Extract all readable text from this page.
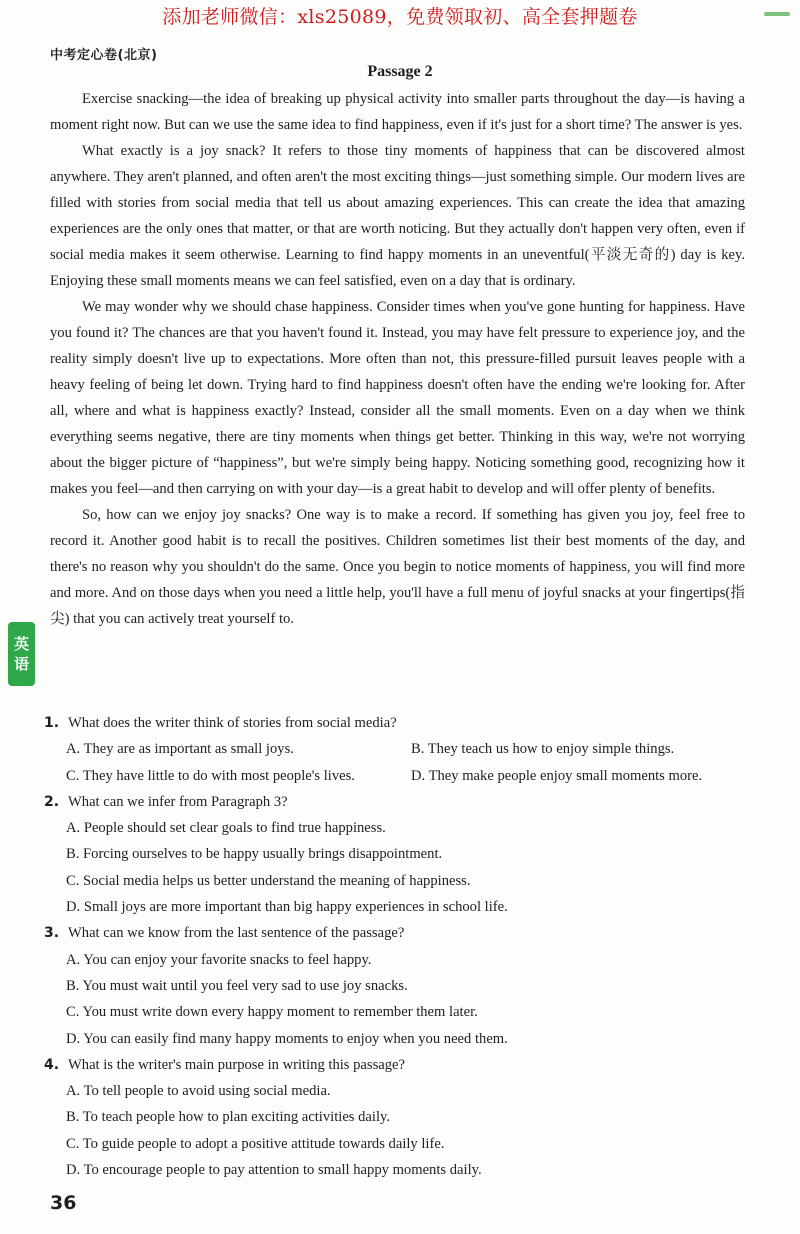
添加老师微信：xls25089，免费领取初、高全套押题卷
中考定心卷(北京)
Passage 2

Exercise snacking—the idea of breaking up physical activity into smaller parts throughout the day—is having a moment right now. But can we use the same idea to find happiness, even if it's just for a short time? The answer is yes.

What exactly is a joy snack? It refers to those tiny moments of happiness that can be discovered almost anywhere. They aren't planned, and often aren't the most exciting things—just something simple. Our modern lives are filled with stories from social media that tell us about amazing experiences. This can create the idea that amazing experiences are the only ones that matter, or that are worth noticing. But they actually don't happen very often, even if social media makes it seem otherwise. Learning to find happy moments in an uneventful(平淡无奇的) day is key. Enjoying these small moments means we can feel satisfied, even on a day that is ordinary.

We may wonder why we should chase happiness. Consider times when you've gone hunting for happiness. Have you found it? The chances are that you haven't found it. Instead, you may have felt pressure to experience joy, and the reality simply doesn't live up to expectations. More often than not, this pressure-filled pursuit leaves people with a heavy feeling of being let down. Trying hard to find happiness doesn't often have the ending we're looking for. After all, where and what is happiness exactly? Instead, consider all the small moments. Even on a day when we think everything seems negative, there are tiny moments when things get better. Thinking in this way, we're not worrying about the bigger picture of “happiness”, but we're simply being happy. Noticing something good, recognizing how it makes you feel—and then carrying on with your day—is a great habit to develop and will offer plenty of benefits.

So, how can we enjoy joy snacks? One way is to make a record. If something has given you joy, feel free to record it. Another good habit is to recall the positives. Children sometimes list their best moments of the day, and there's no reason why you shouldn't do the same. Once you begin to notice moments of happiness, you will find more and more. And on those days when you need a little help, you'll have a full menu of joyful snacks at your fingertips(指尖) that you can actively treat yourself to.

英
语
1. What does the writer think of stories from social media?
A. They are as important as small joys.	B. They teach us how to enjoy simple things.
C. They have little to do with most people's lives.	D. They make people enjoy small moments more.
2. What can we infer from Paragraph 3?
A. People should set clear goals to find true happiness.
B. Forcing ourselves to be happy usually brings disappointment.
C. Social media helps us better understand the meaning of happiness.
D. Small joys are more important than big happy experiences in school life.
3. What can we know from the last sentence of the passage?
A. You can enjoy your favorite snacks to feel happy.
B. You must wait until you feel very sad to use joy snacks.
C. You must write down every happy moment to remember them later.
D. You can easily find many happy moments to enjoy when you need them.
4. What is the writer's main purpose in writing this passage?
A. To tell people to avoid using social media.
B. To teach people how to plan exciting activities daily.
C. To guide people to adopt a positive attitude towards daily life.
D. To encourage people to pay attention to small happy moments daily.
36
